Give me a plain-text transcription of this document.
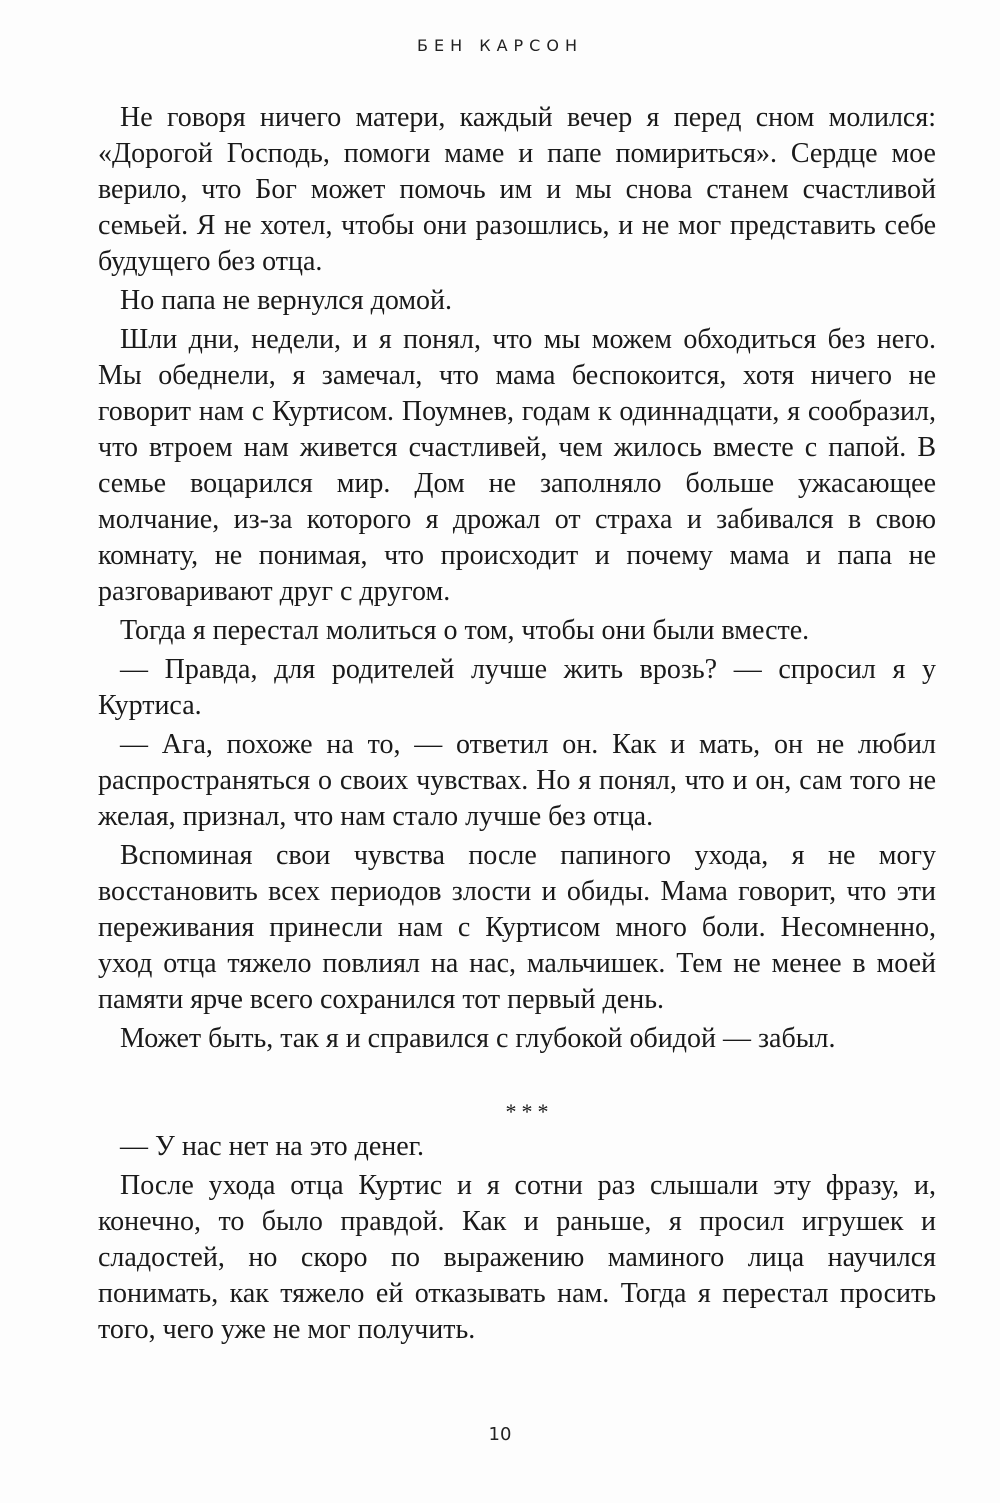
БЕН КАРСОН

Не говоря ничего матери, каждый вечер я перед сном молился: «Дорогой Господь, помоги маме и папе помириться». Сердце мое верило, что Бог может помочь им и мы снова станем счастливой семьей. Я не хотел, чтобы они разошлись, и не мог представить себе будущего без отца.

Но папа не вернулся домой.

Шли дни, недели, и я понял, что мы можем обходиться без него. Мы обеднели, я замечал, что мама беспокоится, хотя ничего не говорит нам с Куртисом. Поумнев, годам к одиннадцати, я сообразил, что втроем нам живется счастливей, чем жилось вместе с папой. В семье воцарился мир. Дом не заполняло больше ужасающее молчание, из-за которого я дрожал от страха и забивался в свою комнату, не понимая, что происходит и почему мама и папа не разговаривают друг с другом.

Тогда я перестал молиться о том, чтобы они были вместе.

— Правда, для родителей лучше жить врозь? — спросил я у Куртиса.

— Ага, похоже на то, — ответил он. Как и мать, он не любил распространяться о своих чувствах. Но я понял, что и он, сам того не желая, признал, что нам стало лучше без отца.

Вспоминая свои чувства после папиного ухода, я не могу восстановить всех периодов злости и обиды. Мама говорит, что эти переживания принесли нам с Куртисом много боли. Несомненно, уход отца тяжело повлиял на нас, мальчишек. Тем не менее в моей памяти ярче всего сохранился тот первый день.

Может быть, так я и справился с глубокой обидой — забыл.

***

— У нас нет на это денег.

После ухода отца Куртис и я сотни раз слышали эту фразу, и, конечно, то было правдой. Как и раньше, я просил игрушек и сладостей, но скоро по выражению маминого лица научился понимать, как тяжело ей отказывать нам. Тогда я перестал просить того, чего уже не мог получить.

10
